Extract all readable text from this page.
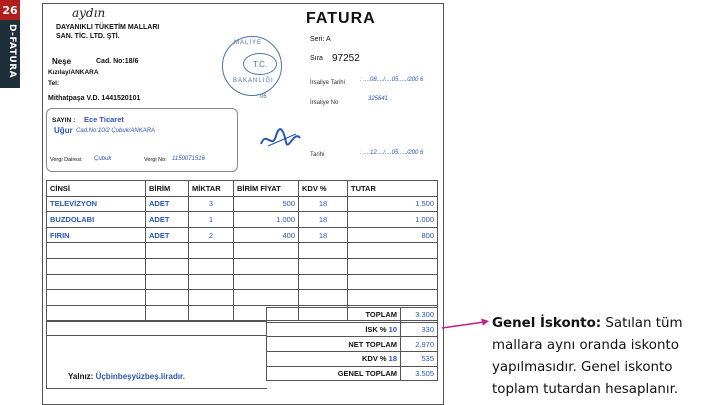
26
D-FATURA
aydın
DAYANIKLI TÜKETİM MALLARI
SAN. TİC. LTD. ŞTİ.
Neşe	Cad. No:18/6
Kızılay/ANKARA
Tel:
Mithatpaşa V.D. 1441520101
MALİYE
T.C.
BAKANLIĞI
06
FATURA
Seri: A
Sıra 97252
İrsaliye Tarihi	: ....08..../....05...../200 6
İrsaliye No
325641
Tarihi	: ....12..../....05...../200 6
SAYIN : Ece Ticaret
Uğur Cad.No:10/2 Çubuk/ANKARA
Vergi Dairesi: Çubuk	Vergi No: 1150071516
CİNSİ	BİRİM	MİKTAR	BİRİM FİYAT	KDV %	TUTAR
TELEVİZYON	ADET	3	500	18	1.500
BUZDOLABI	ADET	1	1.000	18	1.000
FIRIN	ADET	2	400	18	800

TOPLAM	3.300
İSK % 10	330
NET TOPLAM	2.970
KDV % 18	535
GENEL TOPLAM	3.505
Yalnız: Üçbinbeşyüzbeş.liradır.
Genel İskonto: Satılan tüm mallara aynı oranda iskonto yapılmasıdır. Genel iskonto toplam tutardan hesaplanır.
